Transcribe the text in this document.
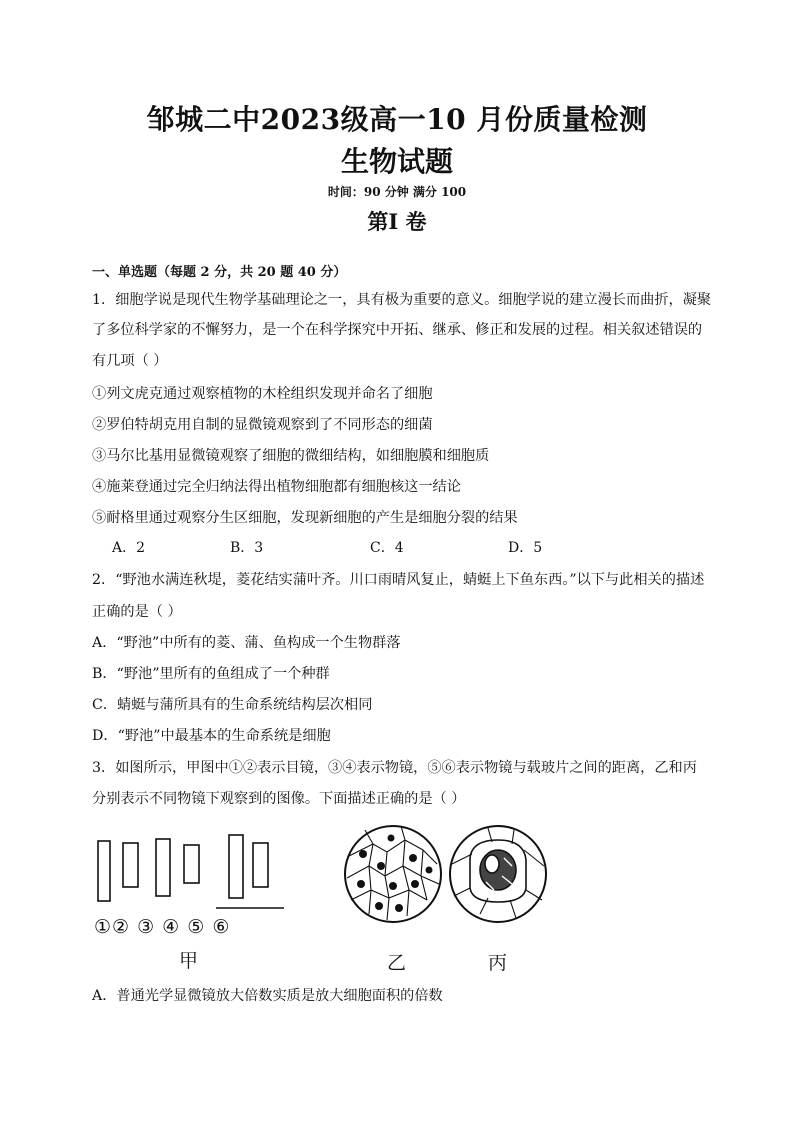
邹城二中2023级高一10 月份质量检测
生物试题
时间：90 分钟 满分 100
第Ⅰ 卷
一、单选题（每题 2 分，共 20 题 40 分）
1．细胞学说是现代生物学基础理论之一，具有极为重要的意义。细胞学说的建立漫长而曲折，凝聚
了多位科学家的不懈努力，是一个在科学探究中开拓、继承、修正和发展的过程。相关叙述错误的
有几项（ ）
①列文虎克通过观察植物的木栓组织发现并命名了细胞
②罗伯特胡克用自制的显微镜观察到了不同形态的细菌
③马尔比基用显微镜观察了细胞的微细结构，如细胞膜和细胞质
④施莱登通过完全归纳法得出植物细胞都有细胞核这一结论
⑤耐格里通过观察分生区细胞，发现新细胞的产生是细胞分裂的结果
A．2	B．3	C．4	D．5
2．“野池水满连秋堤，菱花结实蒲叶齐。川口雨晴风复止，蜻蜓上下鱼东西。”以下与此相关的描述
正确的是（ ）
A．“野池”中所有的菱、蒲、鱼构成一个生物群落
B．“野池”里所有的鱼组成了一个种群
C．蜻蜓与蒲所具有的生命系统结构层次相同
D．“野池”中最基本的生命系统是细胞
3．如图所示，甲图中①②表示目镜，③④表示物镜，⑤⑥表示物镜与载玻片之间的距离，乙和丙
分别表示不同物镜下观察到的图像。下面描述正确的是（ ）
①② ③ ④ ⑤ ⑥
甲	乙	丙
A．普通光学显微镜放大倍数实质是放大细胞面积的倍数
